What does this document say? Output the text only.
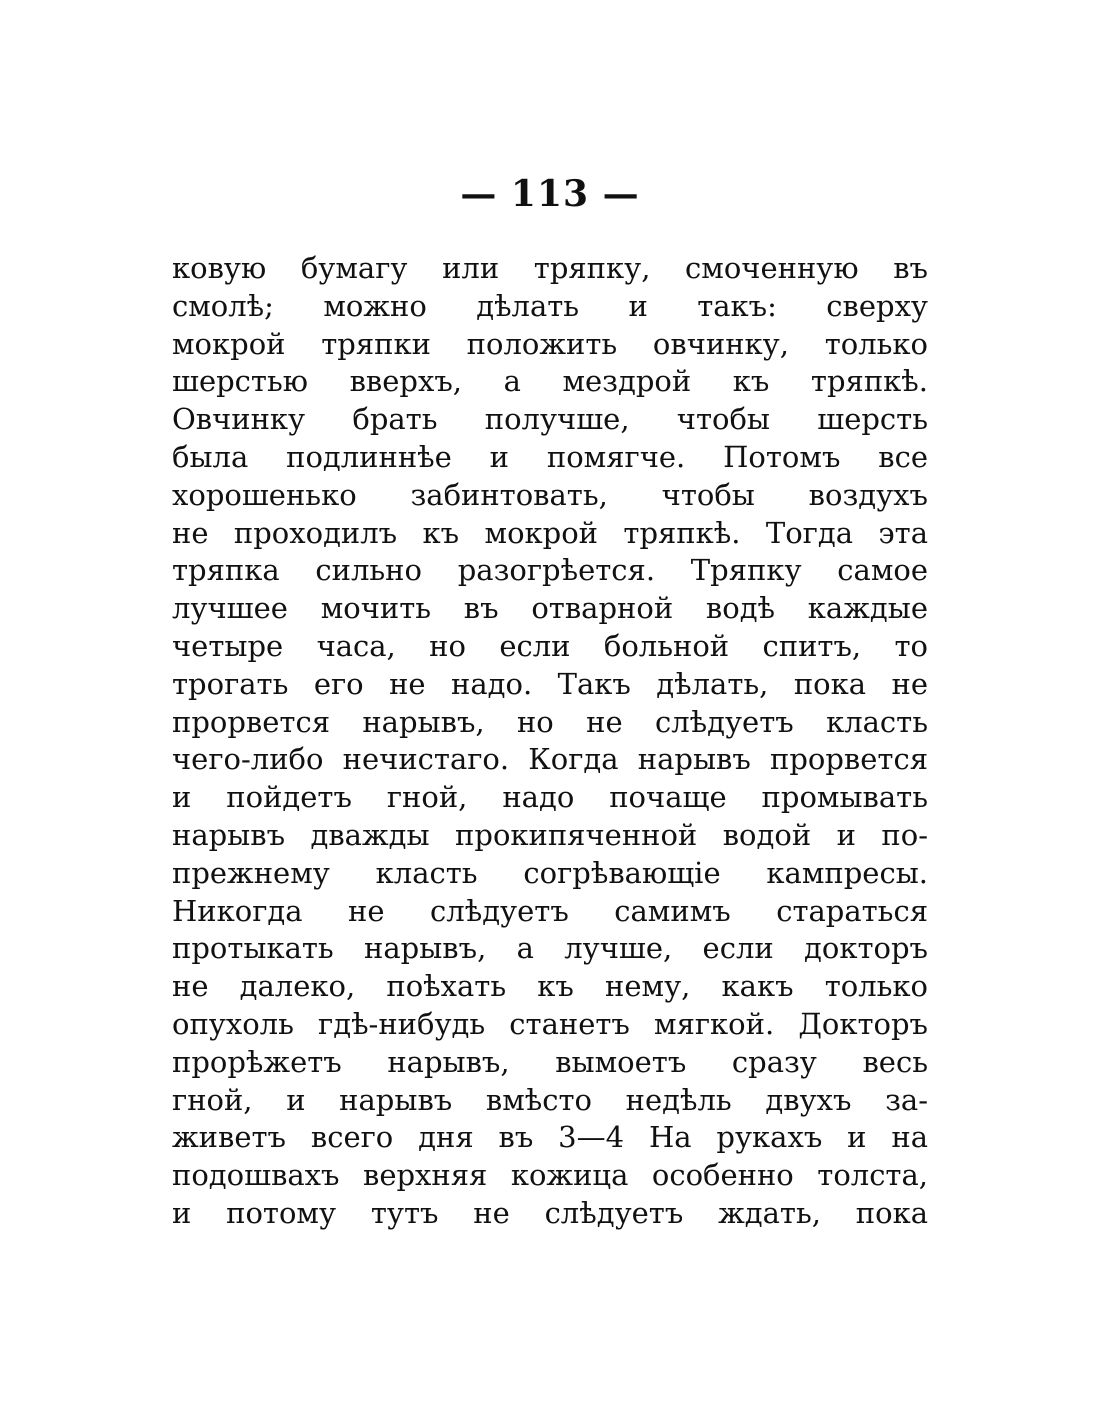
— 113 —
ковую бумагу или тряпку, смоченную въ
смолѣ; можно дѣлать и такъ: сверху
мокрой тряпки положить овчинку, только
шерстью вверхъ, а мездрой къ тряпкѣ.
Овчинку брать получше, чтобы шерсть
была подлиннѣе и помягче. Потомъ все
хорошенько забинтовать, чтобы воздухъ
не проходилъ къ мокрой тряпкѣ. Тогда эта
тряпка сильно разогрѣется. Тряпку самое
лучшее мочить въ отварной водѣ каждые
четыре часа, но если больной спитъ, то
трогать его не надо. Такъ дѣлать, пока не
прорвется нарывъ, но не слѣдуетъ класть
чего-либо нечистаго. Когда нарывъ прорвется
и пойдетъ гной, надо почаще промывать
нарывъ дважды прокипяченной водой и по-
прежнему класть согрѣвающіе кампресы.
Никогда не слѣдуетъ самимъ стараться
протыкать нарывъ, а лучше, если докторъ
не далеко, поѣхать къ нему, какъ только
опухоль гдѣ-нибудь станетъ мягкой. Докторъ
прорѣжетъ нарывъ, вымоетъ сразу весь
гной, и нарывъ вмѣсто недѣль двухъ за-
живетъ всего дня въ 3—4 На рукахъ и на
подошвахъ верхняя кожица особенно толста,
и потому тутъ не слѣдуетъ ждать, пока
